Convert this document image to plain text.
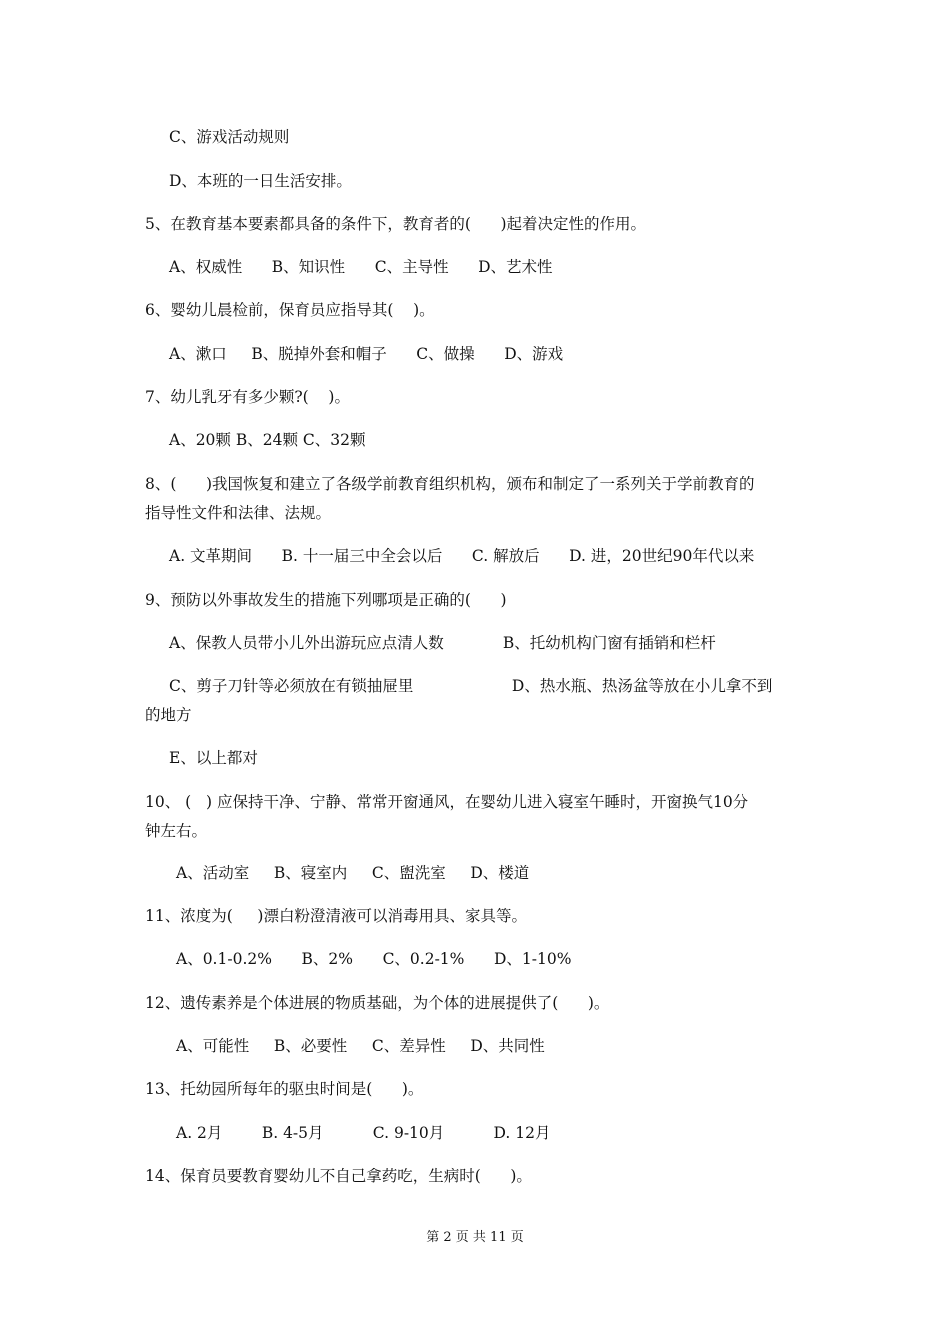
C、游戏活动规则
D、本班的一日生活安排。
5、在教育基本要素都具备的条件下，教育者的(      )起着决定性的作用。
A、权威性      B、知识性      C、主导性      D、艺术性
6、婴幼儿晨检前，保育员应指导其(    )。
A、漱口     B、脱掉外套和帽子      C、做操      D、游戏
7、幼儿乳牙有多少颗?(    )。
A、20颗 B、24颗 C、32颗
8、(      )我国恢复和建立了各级学前教育组织机构，颁布和制定了一系列关于学前教育的
指导性文件和法律、法规。
A. 文革期间      B. 十一届三中全会以后      C. 解放后      D. 进，20世纪90年代以来
9、预防以外事故发生的措施下列哪项是正确的(      )
A、保教人员带小儿外出游玩应点清人数            B、托幼机构门窗有插销和栏杆
C、剪子刀针等必须放在有锁抽屉里                    D、热水瓶、热汤盆等放在小儿拿不到
的地方
E、以上都对
10、 (   ) 应保持干净、宁静、常常开窗通风，在婴幼儿进入寝室午睡时，开窗换气10分
钟左右。
A、活动室     B、寝室内     C、盥洗室     D、楼道
11、浓度为(     )漂白粉澄清液可以消毒用具、家具等。
A、0.1-0.2%      B、2%      C、0.2-1%      D、1-10%
12、遗传素养是个体进展的物质基础，为个体的进展提供了(      )。
A、可能性     B、必要性     C、差异性     D、共同性
13、托幼园所每年的驱虫时间是(      )。
A. 2月        B. 4-5月          C. 9-10月          D. 12月
14、保育员要教育婴幼儿不自己拿药吃，生病时(      )。
第 2 页 共 11 页
